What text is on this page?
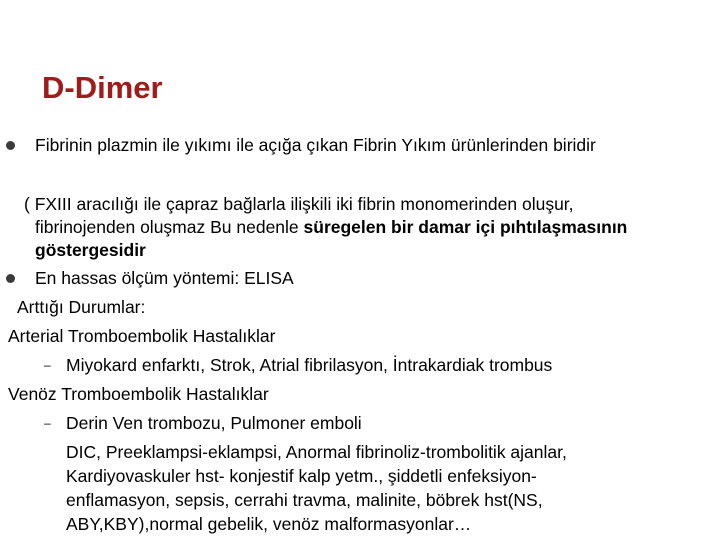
D-Dimer
Fibrinin plazmin ile yıkımı ile açığa çıkan Fibrin Yıkım ürünlerinden biridir
( FXIII aracılığı ile çapraz bağlarla ilişkili iki fibrin monomerinden oluşur,
fibrinojenden oluşmaz Bu nedenle süregelen bir damar içi pıhtılaşmasının
göstergesidir
En hassas ölçüm yöntemi: ELISA
Arttığı Durumlar:
Arterial Tromboembolik Hastalıklar
– Miyokard enfarktı, Strok, Atrial fibrilasyon, İntrakardiak trombus
Venöz Tromboembolik Hastalıklar
– Derin Ven trombozu, Pulmoner emboli
DIC, Preeklampsi-eklampsi, Anormal fibrinoliz-trombolitik ajanlar,
Kardiyovaskuler hst- konjestif kalp yetm., şiddetli enfeksiyon-
enflamasyon, sepsis, cerrahi travma, malinite, böbrek hst(NS,
ABY,KBY),normal gebelik, venöz malformasyonlar…
